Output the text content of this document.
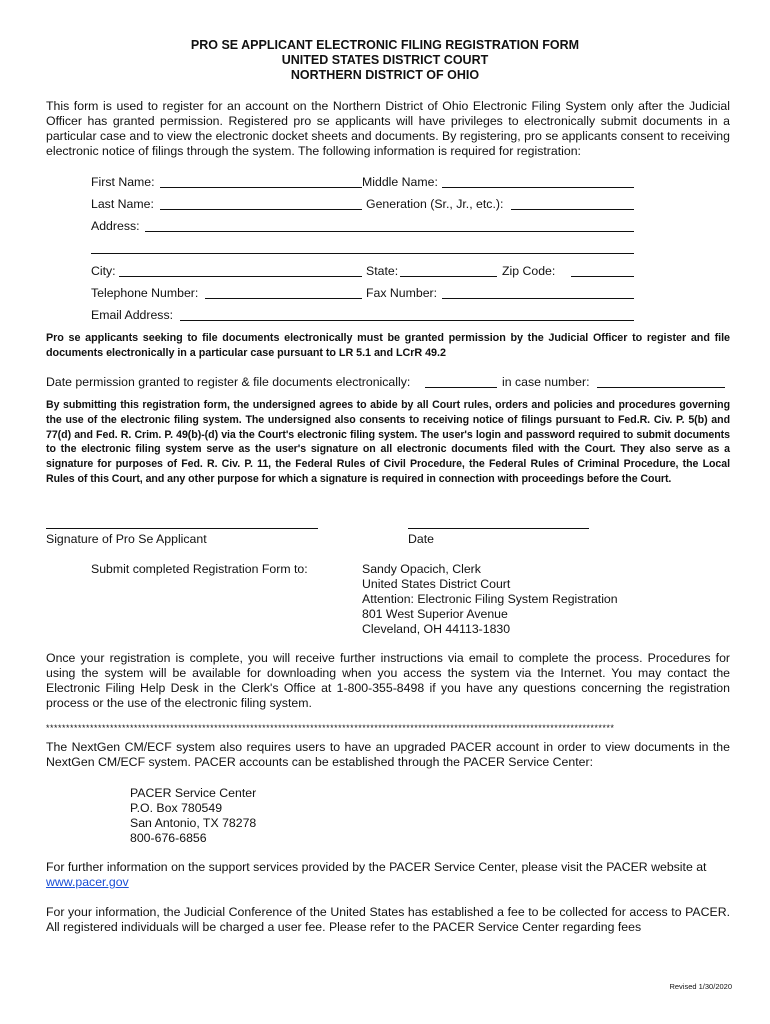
PRO SE APPLICANT ELECTRONIC FILING REGISTRATION FORM
UNITED STATES DISTRICT COURT
NORTHERN DISTRICT OF OHIO
This form is used to register for an account on the Northern District of Ohio Electronic Filing System only after the Judicial Officer has granted permission. Registered pro se applicants will have privileges to electronically submit documents in a particular case and to view the electronic docket sheets and documents. By registering, pro se applicants consent to receiving electronic notice of filings through the system. The following information is required for registration:
First Name:	Middle Name:
Last Name:	Generation (Sr., Jr., etc.):
Address:
City:	State:	Zip Code:
Telephone Number:	Fax Number:
Email Address:
Pro se applicants seeking to file documents electronically must be granted permission by the Judicial Officer to register and file documents electronically in a particular case pursuant to LR 5.1 and LCrR 49.2
Date permission granted to register & file documents electronically:	in case number:
By submitting this registration form, the undersigned agrees to abide by all Court rules, orders and policies and procedures governing the use of the electronic filing system. The undersigned also consents to receiving notice of filings pursuant to Fed.R. Civ. P. 5(b) and 77(d) and Fed. R. Crim. P. 49(b)-(d) via the Court's electronic filing system. The user's login and password required to submit documents to the electronic filing system serve as the user's signature on all electronic documents filed with the Court. They also serve as a signature for purposes of Fed. R. Civ. P. 11, the Federal Rules of Civil Procedure, the Federal Rules of Criminal Procedure, the Local Rules of this Court, and any other purpose for which a signature is required in connection with proceedings before the Court.
Signature of Pro Se Applicant	Date
Submit completed Registration Form to:	Sandy Opacich, Clerk
United States District Court
Attention: Electronic Filing System Registration
801 West Superior Avenue
Cleveland, OH 44113-1830
Once your registration is complete, you will receive further instructions via email to complete the process. Procedures for using the system will be available for downloading when you access the system via the Internet. You may contact the Electronic Filing Help Desk in the Clerk's Office at 1-800-355-8498 if you have any questions concerning the registration process or the use of the electronic filing system.
**********************************************************************************************************************************************
The NextGen CM/ECF system also requires users to have an upgraded PACER account in order to view documents in the NextGen CM/ECF system. PACER accounts can be established through the PACER Service Center:
PACER Service Center
P.O. Box 780549
San Antonio, TX 78278
800-676-6856
For further information on the support services provided by the PACER Service Center, please visit the PACER website at
www.pacer.gov
For your information, the Judicial Conference of the United States has established a fee to be collected for access to PACER. All registered individuals will be charged a user fee. Please refer to the PACER Service Center regarding fees
Revised 1/30/2020
